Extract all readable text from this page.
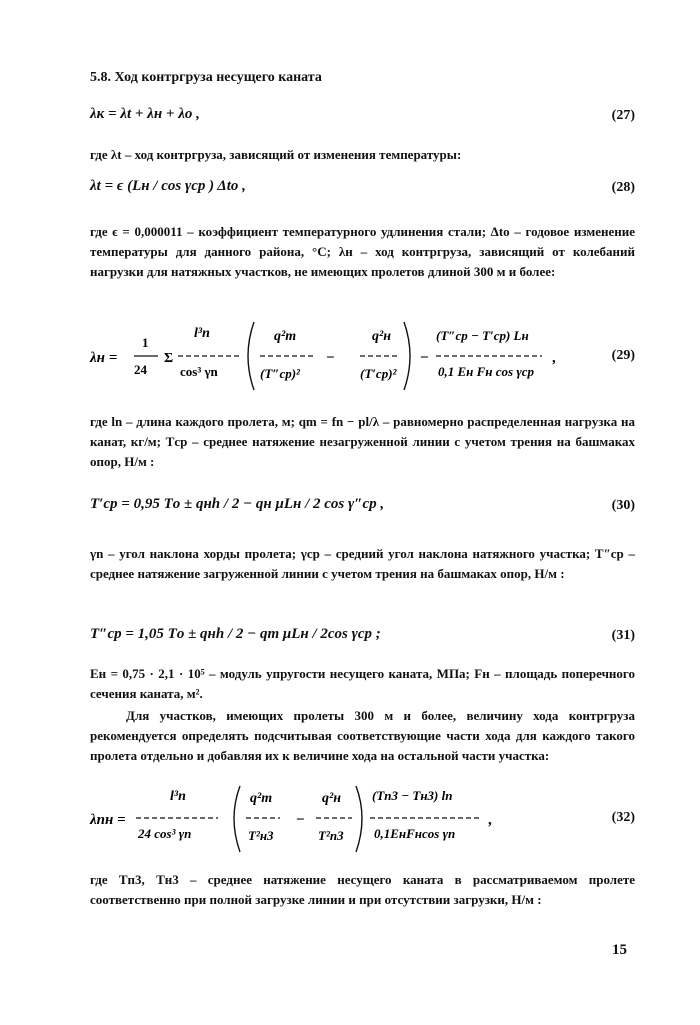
5.8. Ход контргруза несущего каната
λк = λt + λн + λо ,	(27)
где λt – ход контргруза, зависящий от изменения температуры:
λt = ϵ (Lн / cos γср ) Δtо ,	(28)
где ϵ = 0,000011 – коэффициент температурного удлинения стали; Δtо – годовое изменение температуры для данного района, °С; λн – ход контргруза, зависящий от колебаний нагрузки для натяжных участков, не имеющих пролетов длиной 300 м и более:
λн =
1
24
Σ
l³n
cos³ γn
q²m
(T″ср)²
−
q²н
(T′ср)²
−
(T″ср − T′ср) Lн
0,1 Eн Fн cos γср
,	(29)
где ln – длина каждого пролета, м; qm = fn − pl/λ – равномерно распределенная нагрузка на канат, кг/м; Tср – среднее натяжение незагруженной линии с учетом трения на башмаках опор, Н/м :
T′ср = 0,95 Tо ± qнh / 2 − qн μLн / 2 cos γ″ср ,	(30)
γn – угол наклона хорды пролета; γср – средний угол наклона натяжного участка; T″ср – среднее натяжение загруженной линии с учетом трения на башмаках опор, Н/м :
T″ср = 1,05 Tо ± qнh / 2 − qm μLн / 2cos γср ;	(31)
Eн = 0,75 · 2,1 · 10⁵ – модуль упругости несущего каната, МПа; Fн – площадь поперечного сечения каната, м².
Для участков, имеющих пролеты 300 м и более, величину хода контргруза рекомендуется определять подсчитывая соответствующие части хода для каждого такого пролета отдельно и добавляя их к величине хода на остальной части участка:
λnн =
l³n
24 cos³ γn
q²m
T²н3
−
q²н
T²п3
(Tп3 − Tн3) ln
0,1EнFнcos γn
,	(32)
где Tп3, Tн3 – среднее натяжение несущего каната в рассматриваемом пролете соответственно при полной загрузке линии и при отсутствии загрузки, Н/м :
15
